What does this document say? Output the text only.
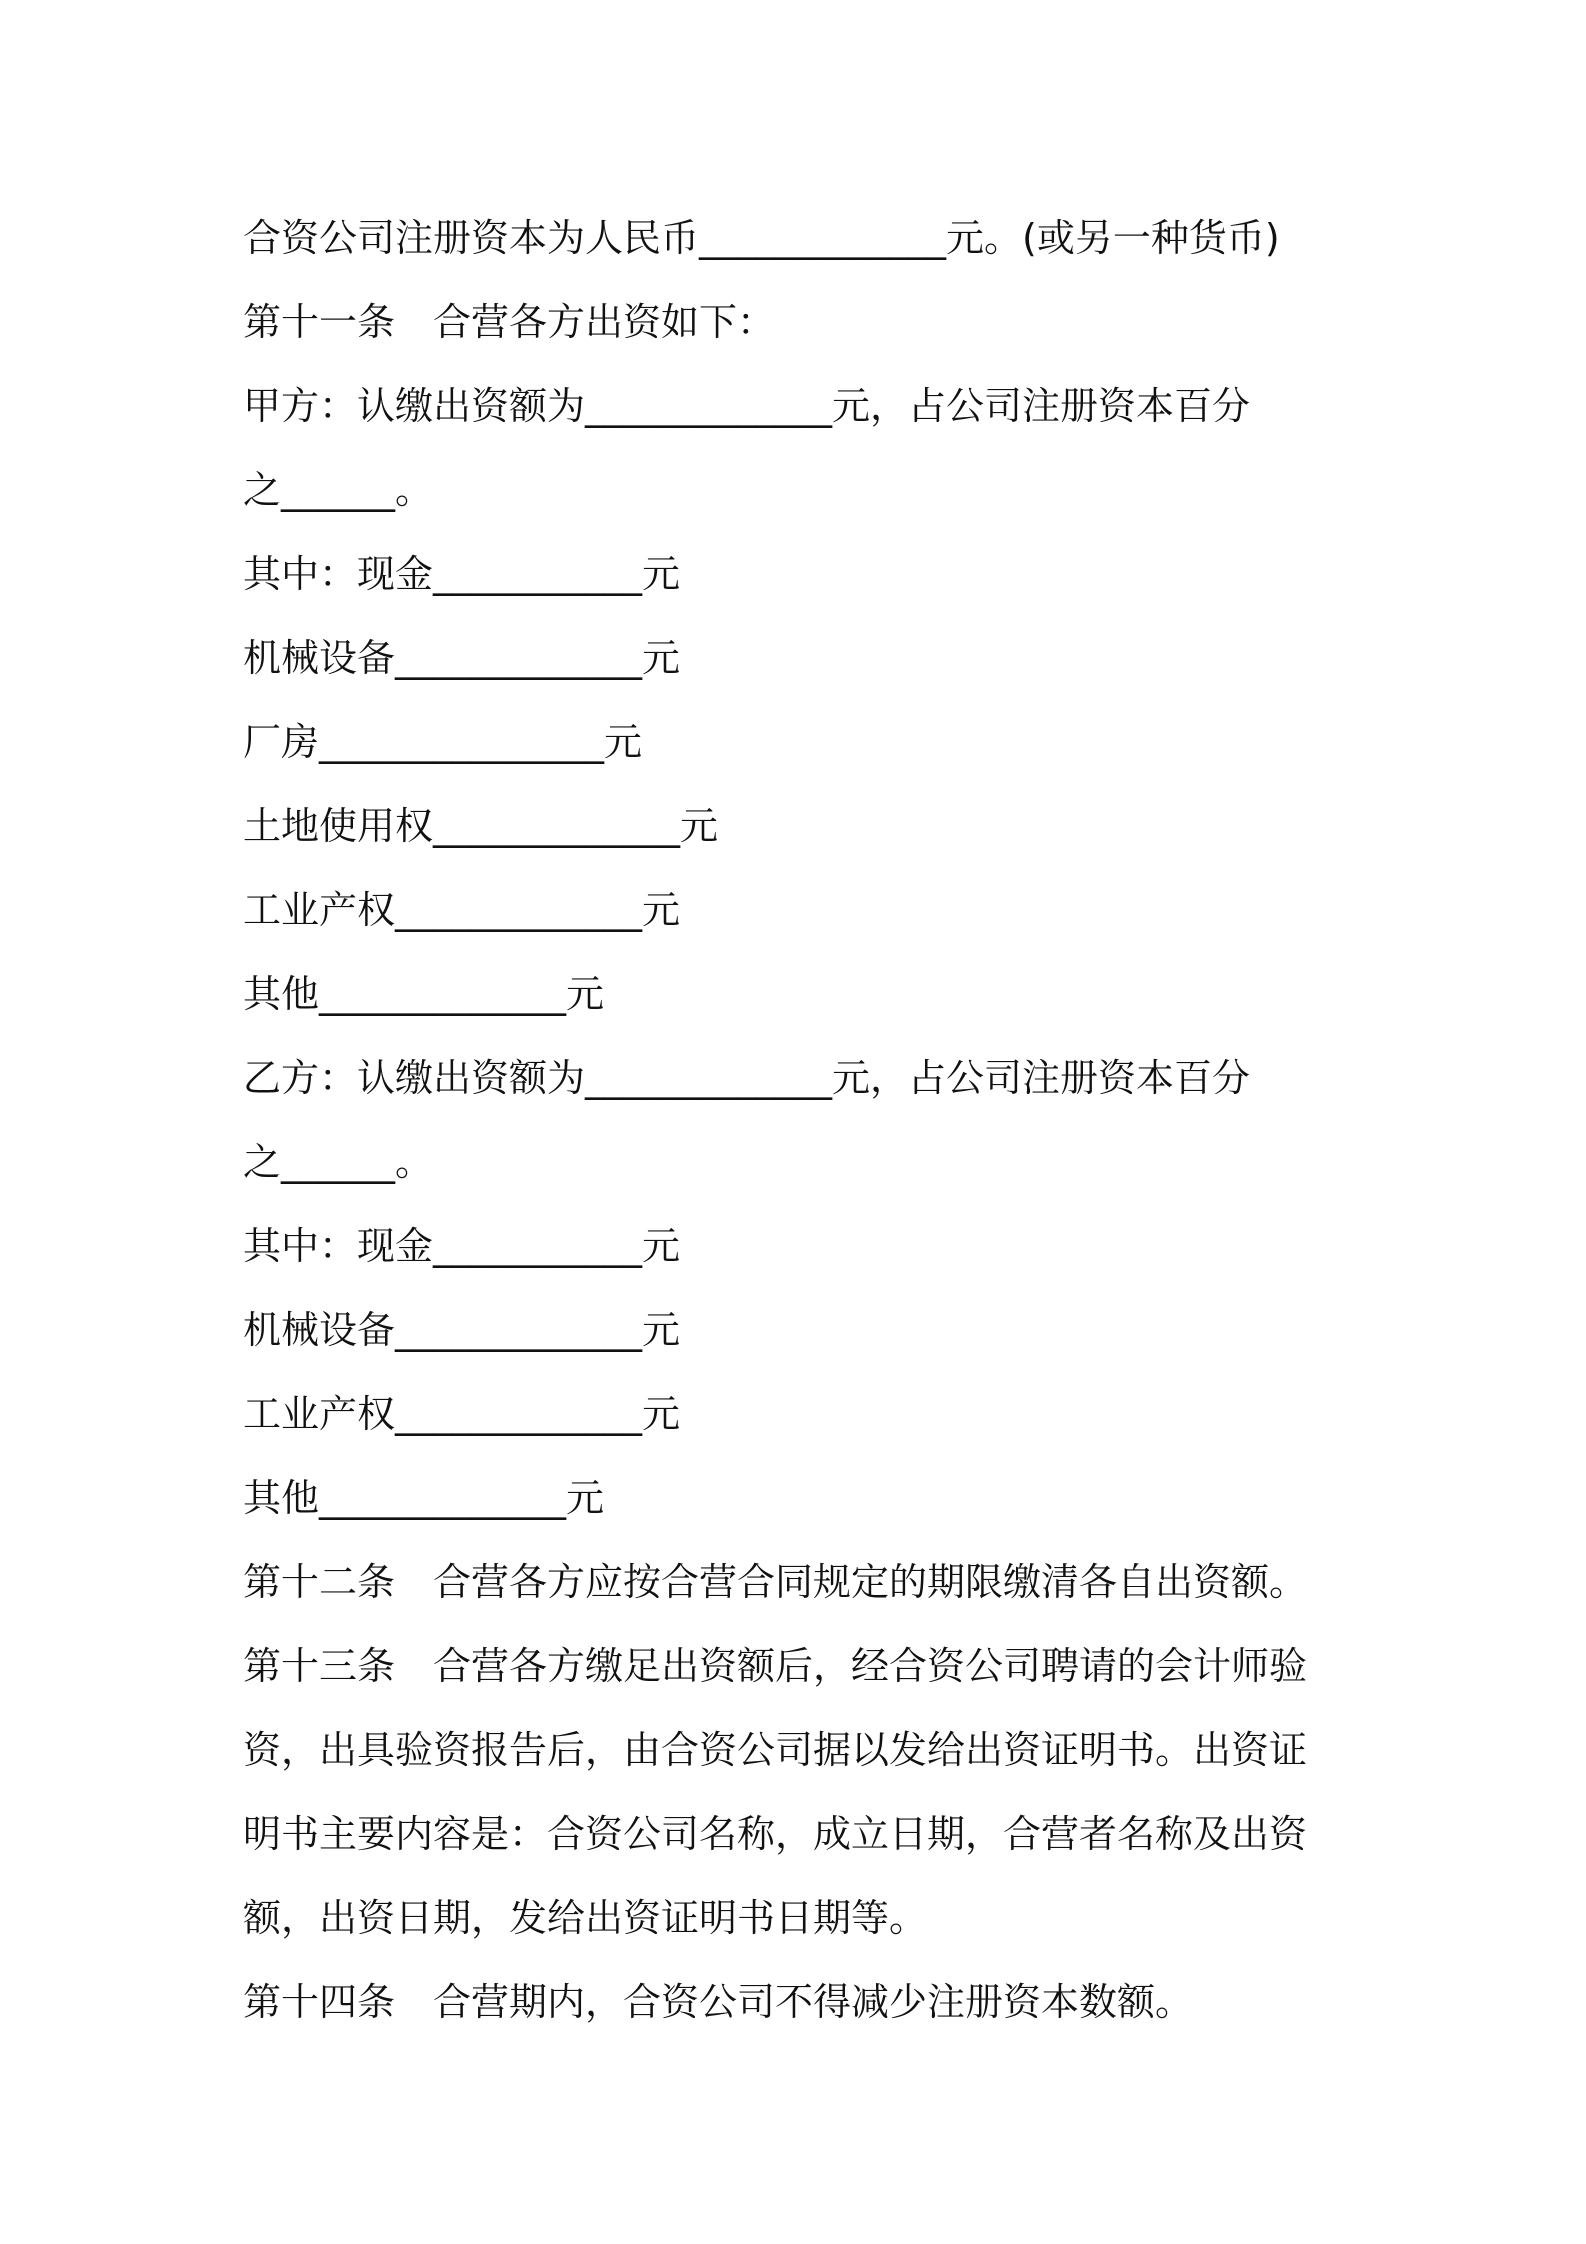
合资公司注册资本为人民币_____________元。(或另一种货币)
第十一条　合营各方出资如下：
甲方：认缴出资额为_____________元，占公司注册资本百分
之______。
其中：现金___________元
机械设备_____________元
厂房_______________元
土地使用权_____________元
工业产权_____________元
其他_____________元
乙方：认缴出资额为_____________元，占公司注册资本百分
之______。
其中：现金___________元
机械设备_____________元
工业产权_____________元
其他_____________元
第十二条　合营各方应按合营合同规定的期限缴清各自出资额。
第十三条　合营各方缴足出资额后，经合资公司聘请的会计师验
资，出具验资报告后，由合资公司据以发给出资证明书。出资证
明书主要内容是：合资公司名称，成立日期，合营者名称及出资
额，出资日期，发给出资证明书日期等。
第十四条　合营期内，合资公司不得减少注册资本数额。
